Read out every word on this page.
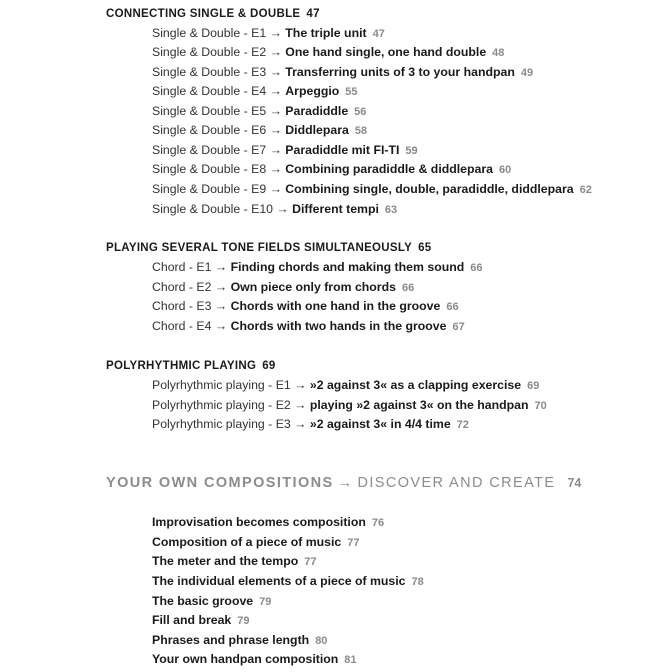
CONNECTING SINGLE & DOUBLE 47
Single & Double - E1 → The triple unit 47
Single & Double - E2 → One hand single, one hand double 48
Single & Double - E3 → Transferring units of 3 to your handpan 49
Single & Double - E4 → Arpeggio 55
Single & Double - E5 → Paradiddle 56
Single & Double - E6 → Diddlepara 58
Single & Double - E7 → Paradiddle mit FI-TI 59
Single & Double - E8 → Combining paradiddle & diddlepara 60
Single & Double - E9 → Combining single, double, paradiddle, diddlepara 62
Single & Double - E10 → Different tempi 63
PLAYING SEVERAL TONE FIELDS SIMULTANEOUSLY 65
Chord - E1 → Finding chords and making them sound 66
Chord - E2 → Own piece only from chords 66
Chord - E3 → Chords with one hand in the groove 66
Chord - E4 → Chords with two hands in the groove 67
POLYRHYTHMIC PLAYING 69
Polyrhythmic playing - E1 → »2 against 3« as a clapping exercise 69
Polyrhythmic playing - E2 → playing »2 against 3« on the handpan 70
Polyrhythmic playing - E3 → »2 against 3« in 4/4 time 72
YOUR OWN COMPOSITIONS → DISCOVER AND CREATE 74
Improvisation becomes composition 76
Composition of a piece of music 77
The meter and the tempo 77
The individual elements of a piece of music 78
The basic groove 79
Fill and break 79
Phrases and phrase length 80
Your own handpan composition 81
